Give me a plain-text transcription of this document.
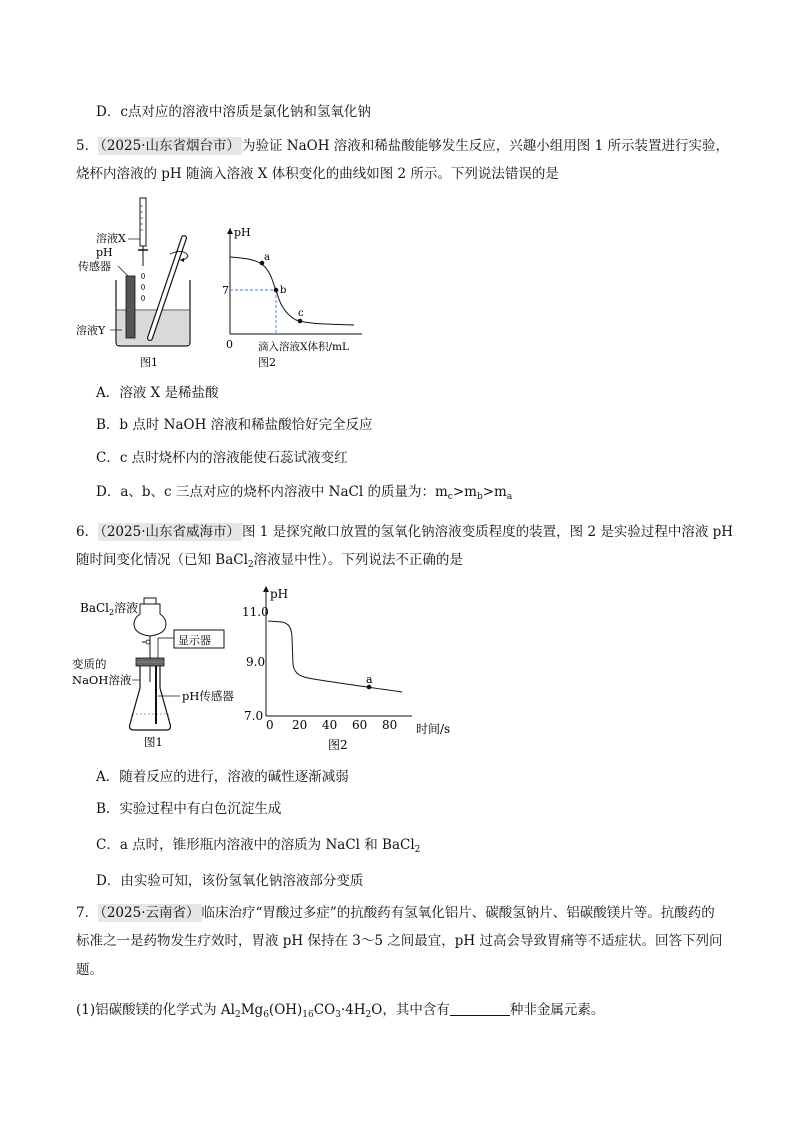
D．c点对应的溶液中溶质是氯化钠和氢氧化钠
5． （2025·山东省烟台市） 为验证 NaOH 溶液和稀盐酸能够发生反应，兴趣小组用图 1 所示装置进行实验，
烧杯内溶液的 pH 随滴入溶液 X 体积变化的曲线如图 2 所示。下列说法错误的是
溶液X
pH
传感器
溶液Y
图1
pH
7
0 滴入溶液X体积/mL
图2
a
b
c
A．溶液 X 是稀盐酸
B．b 点时 NaOH 溶液和稀盐酸恰好完全反应
C．c 点时烧杯内的溶液能使石蕊试液变红
D．a、b、c 三点对应的烧杯内溶液中 NaCl 的质量为：$m_c>m_b>m_a$
6． （2025·山东省威海市） 图 1 是探究敞口放置的氢氧化钠溶液变质程度的装置，图 2 是实验过程中溶液 pH
随时间变化情况（已知 BaCl$_2$溶液显中性）。下列说法不正确的是
显示器
BaCl$_2$溶液
变质的
NaOH溶液
pH传感器
图1
pH
11.0
9.0
7.0
0 20 40 60 80 时间/s
图2
a
A．随着反应的进行，溶液的碱性逐渐减弱
B．实验过程中有白色沉淀生成
C．a 点时，锥形瓶内溶液中的溶质为 NaCl 和 BaCl$_2$
D．由实验可知，该份氢氧化钠溶液部分变质
7． （2025·云南省） 临床治疗“胃酸过多症”的抗酸药有氢氧化铝片、碳酸氢钠片、铝碳酸镁片等。抗酸药的
标准之一是药物发生疗效时，胃液 pH 保持在 3～5 之间最宜，pH 过高会导致胃痛等不适症状。回答下列问
题。
(1)铝碳酸镁的化学式为 $Al_2Mg_6(OH)_{16}CO_3\cdot 4H_2O$，其中含有	种非金属元素。
